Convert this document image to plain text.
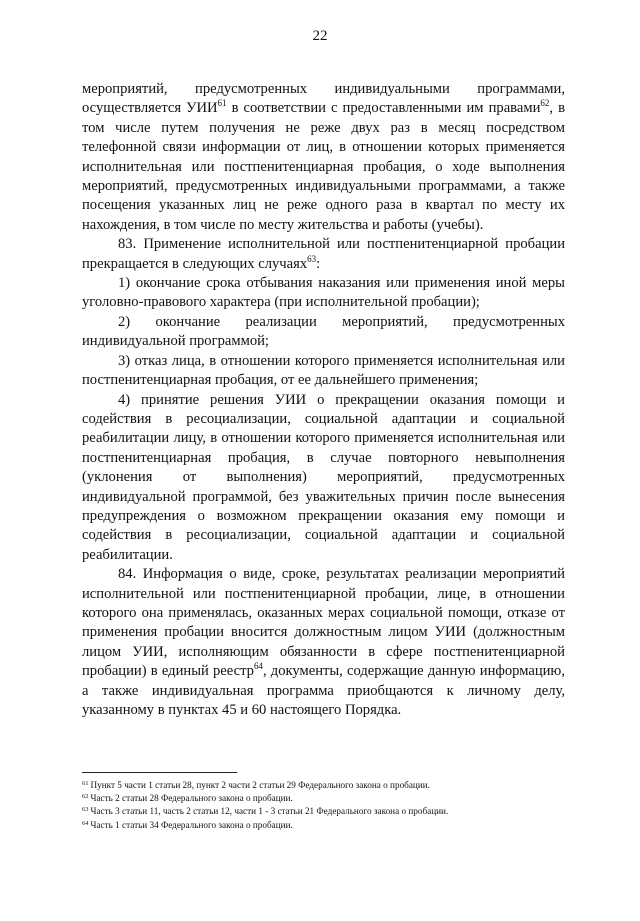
22

мероприятий, предусмотренных индивидуальными программами, осуществляется УИИ$^{61}$ в соответствии с предоставленными им правами$^{62}$, в том числе путем получения не реже двух раз в месяц посредством телефонной связи информации от лиц, в отношении которых применяется исполнительная или постпенитенциарная пробация, о ходе выполнения мероприятий, предусмотренных индивидуальными программами, а также посещения указанных лиц не реже одного раза в квартал по месту их нахождения, в том числе по месту жительства и работы (учебы).

83. Применение исполнительной или постпенитенциарной пробации прекращается в следующих случаях$^{63}$:

1) окончание срока отбывания наказания или применения иной меры уголовно-правового характера (при исполнительной пробации);

2) окончание реализации мероприятий, предусмотренных индивидуальной программой;

3) отказ лица, в отношении которого применяется исполнительная или постпенитенциарная пробация, от ее дальнейшего применения;

4) принятие решения УИИ о прекращении оказания помощи и содействия в ресоциализации, социальной адаптации и социальной реабилитации лицу, в отношении которого применяется исполнительная или постпенитенциарная пробация, в случае повторного невыполнения (уклонения от выполнения) мероприятий, предусмотренных индивидуальной программой, без уважительных причин после вынесения предупреждения о возможном прекращении оказания ему помощи и содействия в ресоциализации, социальной адаптации и социальной реабилитации.

84. Информация о виде, сроке, результатах реализации мероприятий исполнительной или постпенитенциарной пробации, лице, в отношении которого она применялась, оказанных мерах социальной помощи, отказе от применения пробации вносится должностным лицом УИИ (должностным лицом УИИ, исполняющим обязанности в сфере постпенитенциарной пробации) в единый реестр$^{64}$, документы, содержащие данную информацию, а также индивидуальная программа приобщаются к личному делу, указанному в пунктах 45 и 60 настоящего Порядка.

$^{61}$ Пункт 5 части 1 статьи 28, пункт 2 части 2 статьи 29 Федерального закона о пробации.

$^{62}$ Часть 2 статьи 28 Федерального закона о пробации.

$^{63}$ Часть 3 статьи 11, часть 2 статьи 12, части 1 - 3 статьи 21 Федерального закона о пробации.

$^{64}$ Часть 1 статьи 34 Федерального закона о пробации.
